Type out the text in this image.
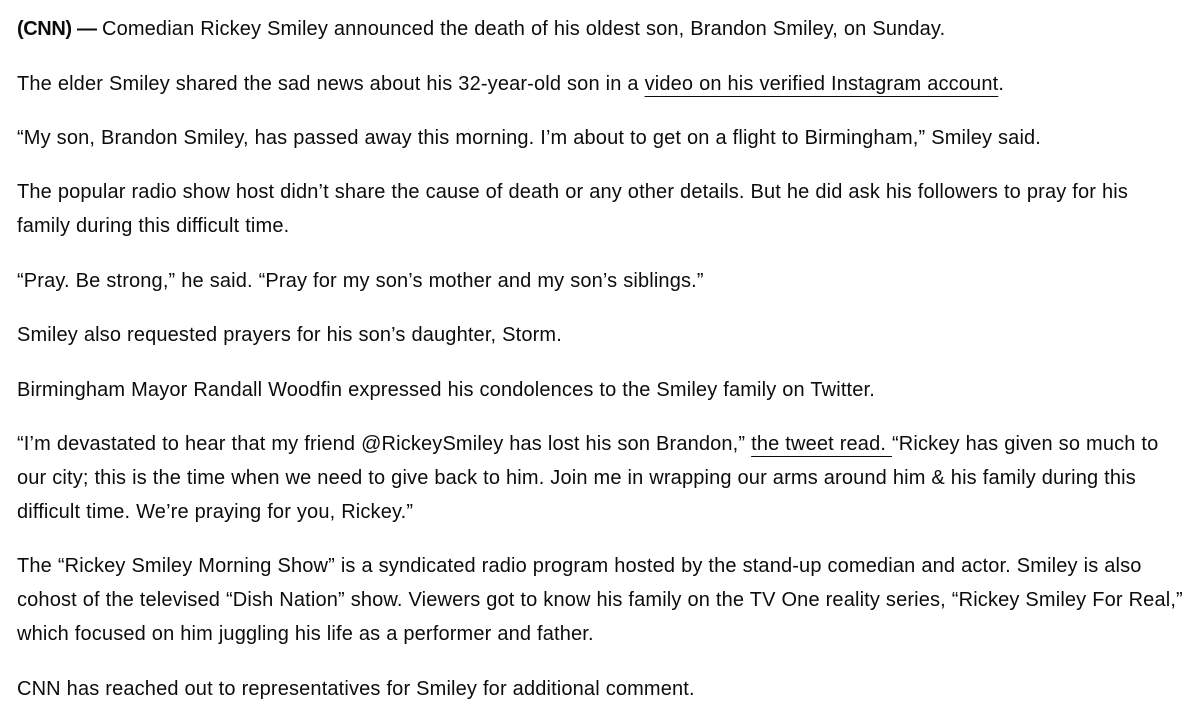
(CNN) — Comedian Rickey Smiley announced the death of his oldest son, Brandon Smiley, on Sunday.

The elder Smiley shared the sad news about his 32-year-old son in a video on his verified Instagram account.

“My son, Brandon Smiley, has passed away this morning. I’m about to get on a flight to Birmingham,” Smiley said.

The popular radio show host didn’t share the cause of death or any other details. But he did ask his followers to pray for his family during this difficult time.

“Pray. Be strong,” he said. “Pray for my son’s mother and my son’s siblings.”

Smiley also requested prayers for his son’s daughter, Storm.

Birmingham Mayor Randall Woodfin expressed his condolences to the Smiley family on Twitter.

“I’m devastated to hear that my friend @RickeySmiley has lost his son Brandon,” the tweet read. “Rickey has given so much to our city; this is the time when we need to give back to him. Join me in wrapping our arms around him & his family during this difficult time. We’re praying for you, Rickey.”

The “Rickey Smiley Morning Show” is a syndicated radio program hosted by the stand-up comedian and actor. Smiley is also cohost of the televised “Dish Nation” show. Viewers got to know his family on the TV One reality series, “Rickey Smiley For Real,” which focused on him juggling his life as a performer and father.

CNN has reached out to representatives for Smiley for additional comment.
